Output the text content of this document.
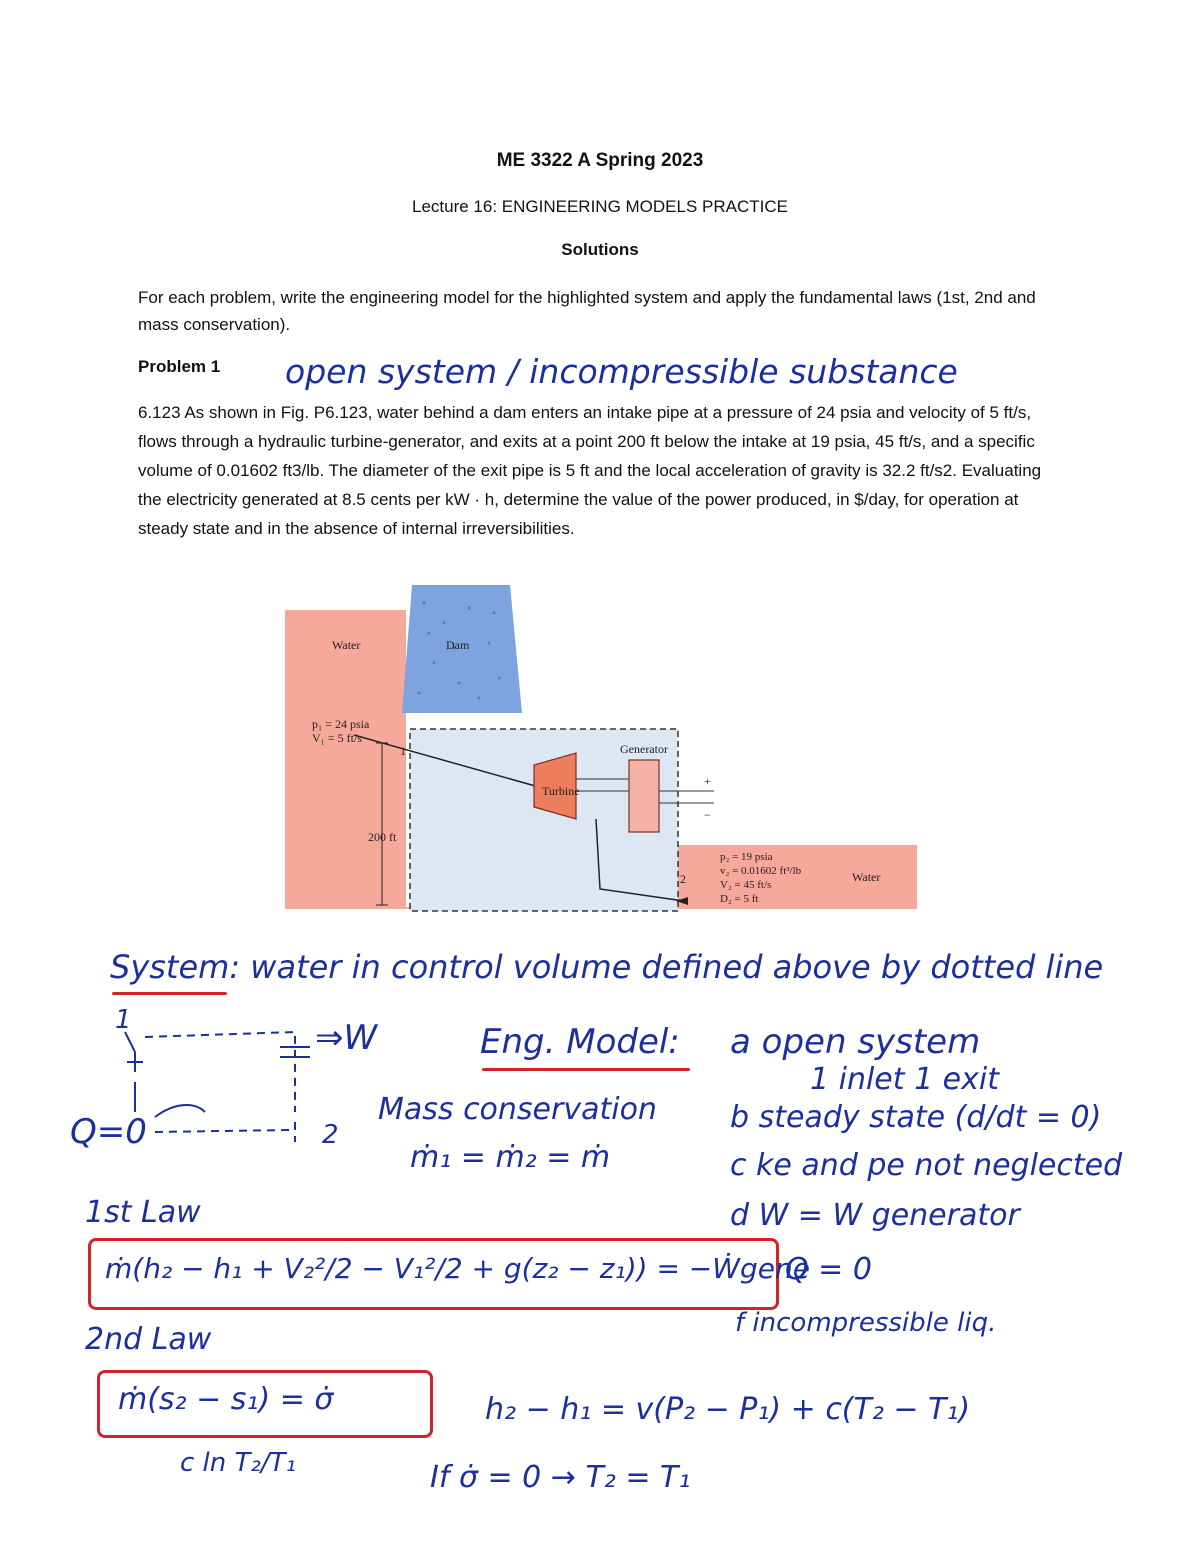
ME 3322 A Spring 2023
Lecture 16: ENGINEERING MODELS PRACTICE
Solutions
For each problem, write the engineering model for the highlighted system and apply the fundamental laws (1st, 2nd and mass conservation).
Problem 1 open system / incompressible substance
6.123 As shown in Fig. P6.123, water behind a dam enters an intake pipe at a pressure of 24 psia and velocity of 5 ft/s, flows through a hydraulic turbine-generator, and exits at a point 200 ft below the intake at 19 psia, 45 ft/s, and a specific volume of 0.01602 ft3/lb. The diameter of the exit pipe is 5 ft and the local acceleration of gravity is 32.2 ft/s2. Evaluating the electricity generated at 8.5 cents per kW · h, determine the value of the power produced, in $/day, for operation at steady state and in the absence of internal irreversibilities.
Turbine
Generator
+
−
200 ft
Water	Dam
p₁ = 24 psia
V₁ = 5 ft/s
1
2
p₂ = 19 psia
v₂ = 0.01602 ft³/lb
V₂ = 45 ft/s
D₂ = 5 ft
Water
System: water in control volume defined above by dotted line
1	⇒W
2
Q=0
Eng. Model: a open system
1 inlet 1 exit
b steady state (d/dt = 0)
c ke and pe not neglected
d W = W generator
Q = 0
f incompressible liq.
Mass conservation
ṁ₁ = ṁ₂ = ṁ
1st Law
ṁ(h₂ − h₁ + V₂²/2 − V₁²/2 + g(z₂ − z₁)) = −Ẇgene
2nd Law
ṁ(s₂ − s₁) = σ̇
c ln T₂/T₁
h₂ − h₁ = v(P₂ − P₁) + c(T₂ − T₁)
If σ̇ = 0 → T₂ = T₁
